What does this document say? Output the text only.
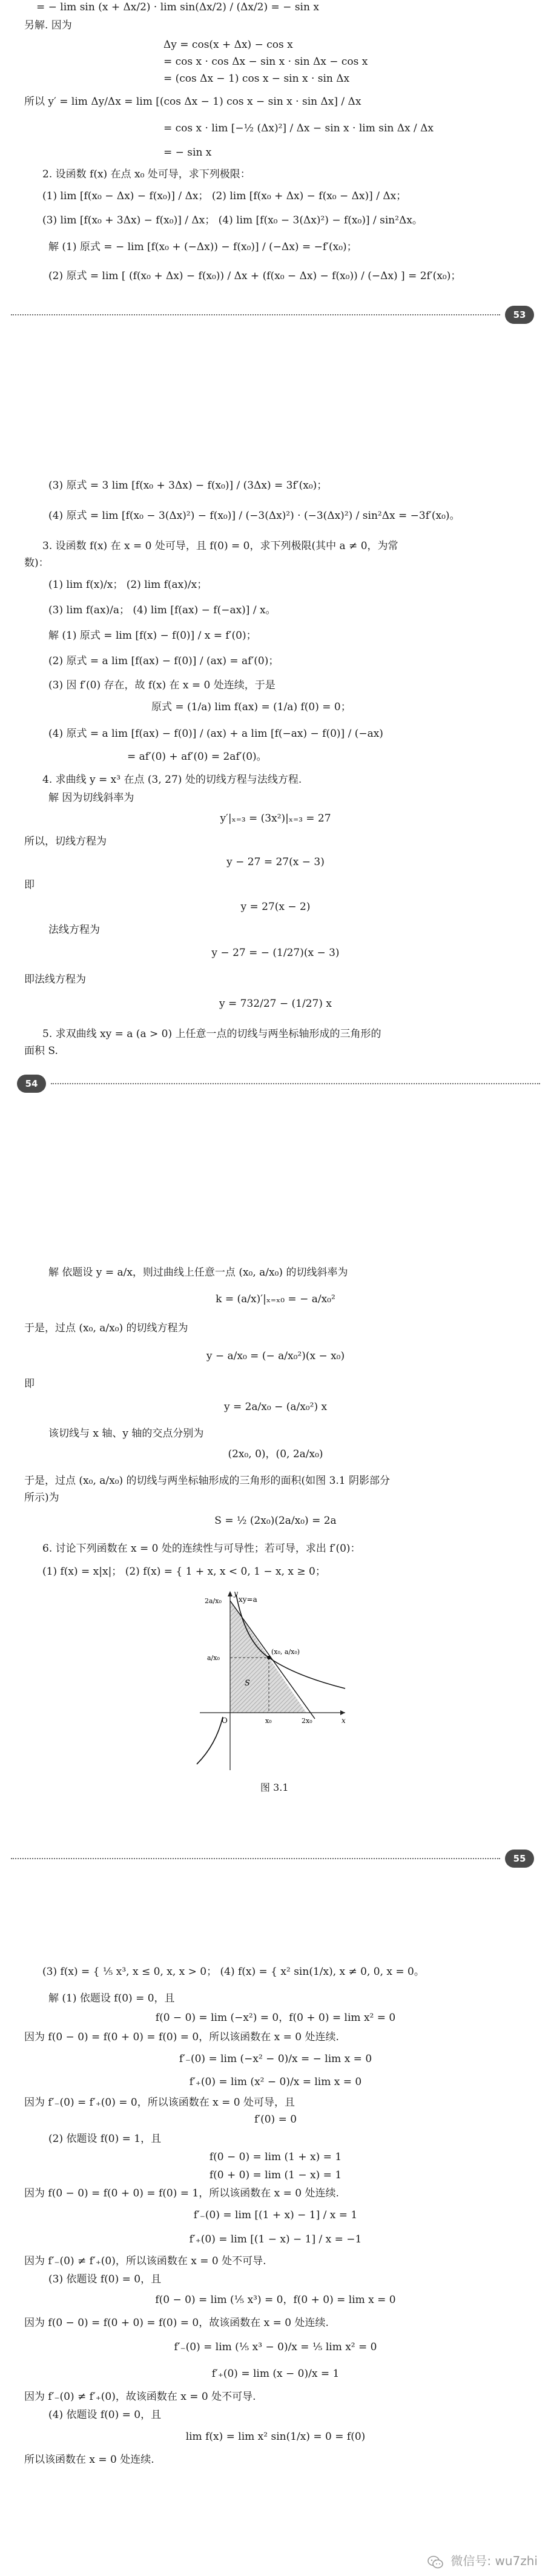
= − lim sin (x + Δx/2) · lim sin(Δx/2) / (Δx/2) = − sin x
另解. 因为
Δy = cos(x + Δx) − cos x
= cos x · cos Δx − sin x · sin Δx − cos x
= (cos Δx − 1) cos x − sin x · sin Δx
所以 y′ = lim Δy/Δx = lim [(cos Δx − 1) cos x − sin x · sin Δx] / Δx
= cos x · lim [−½ (Δx)²] / Δx − sin x · lim sin Δx / Δx
= − sin x
2. 设函数 f(x) 在点 x₀ 处可导，求下列极限：
(1) lim [f(x₀ − Δx) − f(x₀)] / Δx； (2) lim [f(x₀ + Δx) − f(x₀ − Δx)] / Δx；
(3) lim [f(x₀ + 3Δx) − f(x₀)] / Δx； (4) lim [f(x₀ − 3(Δx)²) − f(x₀)] / sin²Δx。
解 (1) 原式 = − lim [f(x₀ + (−Δx)) − f(x₀)] / (−Δx) = −f′(x₀)；
(2) 原式 = lim [ (f(x₀ + Δx) − f(x₀)) / Δx + (f(x₀ − Δx) − f(x₀)) / (−Δx) ] = 2f′(x₀)；
53
(3) 原式 = 3 lim [f(x₀ + 3Δx) − f(x₀)] / (3Δx) = 3f′(x₀)；
(4) 原式 = lim [f(x₀ − 3(Δx)²) − f(x₀)] / (−3(Δx)²) · (−3(Δx)²) / sin²Δx = −3f′(x₀)。
3. 设函数 f(x) 在 x = 0 处可导，且 f(0) = 0，求下列极限(其中 a ≠ 0，为常
数)：
(1) lim f(x)/x； (2) lim f(ax)/x；
(3) lim f(ax)/a； (4) lim [f(ax) − f(−ax)] / x。
解 (1) 原式 = lim [f(x) − f(0)] / x = f′(0)；
(2) 原式 = a lim [f(ax) − f(0)] / (ax) = af′(0)；
(3) 因 f′(0) 存在，故 f(x) 在 x = 0 处连续，于是
原式 = (1/a) lim f(ax) = (1/a) f(0) = 0；
(4) 原式 = a lim [f(ax) − f(0)] / (ax) + a lim [f(−ax) − f(0)] / (−ax)
= af′(0) + af′(0) = 2af′(0)。
4. 求曲线 y = x³ 在点 (3, 27) 处的切线方程与法线方程.
解 因为切线斜率为
y′|ₓ₌₃ = (3x²)|ₓ₌₃ = 27
所以，切线方程为
y − 27 = 27(x − 3)
即
y = 27(x − 2)
法线方程为
y − 27 = − (1/27)(x − 3)
即法线方程为
y = 732/27 − (1/27) x
5. 求双曲线 xy = a (a > 0) 上任意一点的切线与两坐标轴形成的三角形的
面积 S.
54
解 依题设 y = a/x，则过曲线上任意一点 (x₀, a/x₀) 的切线斜率为
k = (a/x)′|ₓ₌ₓ₀ = − a/x₀²
于是，过点 (x₀, a/x₀) 的切线方程为
y − a/x₀ = (− a/x₀²)(x − x₀)
即
y = 2a/x₀ − (a/x₀²) x
该切线与 x 轴、y 轴的交点分别为
(2x₀, 0)，(0, 2a/x₀)
于是，过点 (x₀, a/x₀) 的切线与两坐标轴形成的三角形的面积(如图 3.1 阴影部分
所示)为
S = ½ (2x₀)(2a/x₀) = 2a
6. 讨论下列函数在 x = 0 处的连续性与可导性；若可导，求出 f′(0)：
(1) f(x) = x|x|； (2) f(x) = { 1 + x, x < 0, 1 − x, x ≥ 0；
xy=a
2a/x₀
a/x₀
(x₀, a/x₀)
S
O	x₀	2x₀	x
y
图 3.1
55
(3) f(x) = { ⅕ x³, x ≤ 0, x, x > 0； (4) f(x) = { x² sin(1/x), x ≠ 0, 0, x = 0。
解 (1) 依题设 f(0) = 0，且
f(0 − 0) = lim (−x²) = 0，f(0 + 0) = lim x² = 0
因为 f(0 − 0) = f(0 + 0) = f(0) = 0，所以该函数在 x = 0 处连续.
f′₋(0) = lim (−x² − 0)/x = − lim x = 0
f′₊(0) = lim (x² − 0)/x = lim x = 0
因为 f′₋(0) = f′₊(0) = 0，所以该函数在 x = 0 处可导，且
f′(0) = 0
(2) 依题设 f(0) = 1，且
f(0 − 0) = lim (1 + x) = 1
f(0 + 0) = lim (1 − x) = 1
因为 f(0 − 0) = f(0 + 0) = f(0) = 1，所以该函数在 x = 0 处连续.
f′₋(0) = lim [(1 + x) − 1] / x = 1
f′₊(0) = lim [(1 − x) − 1] / x = −1
因为 f′₋(0) ≠ f′₊(0)，所以该函数在 x = 0 处不可导.
(3) 依题设 f(0) = 0，且
f(0 − 0) = lim (⅕ x³) = 0，f(0 + 0) = lim x = 0
因为 f(0 − 0) = f(0 + 0) = f(0) = 0，故该函数在 x = 0 处连续.
f′₋(0) = lim (⅕ x³ − 0)/x = ⅕ lim x² = 0
f′₊(0) = lim (x − 0)/x = 1
因为 f′₋(0) ≠ f′₊(0)，故该函数在 x = 0 处不可导.
(4) 依题设 f(0) = 0，且
lim f(x) = lim x² sin(1/x) = 0 = f(0)
所以该函数在 x = 0 处连续.
微信号: wu7zhi
